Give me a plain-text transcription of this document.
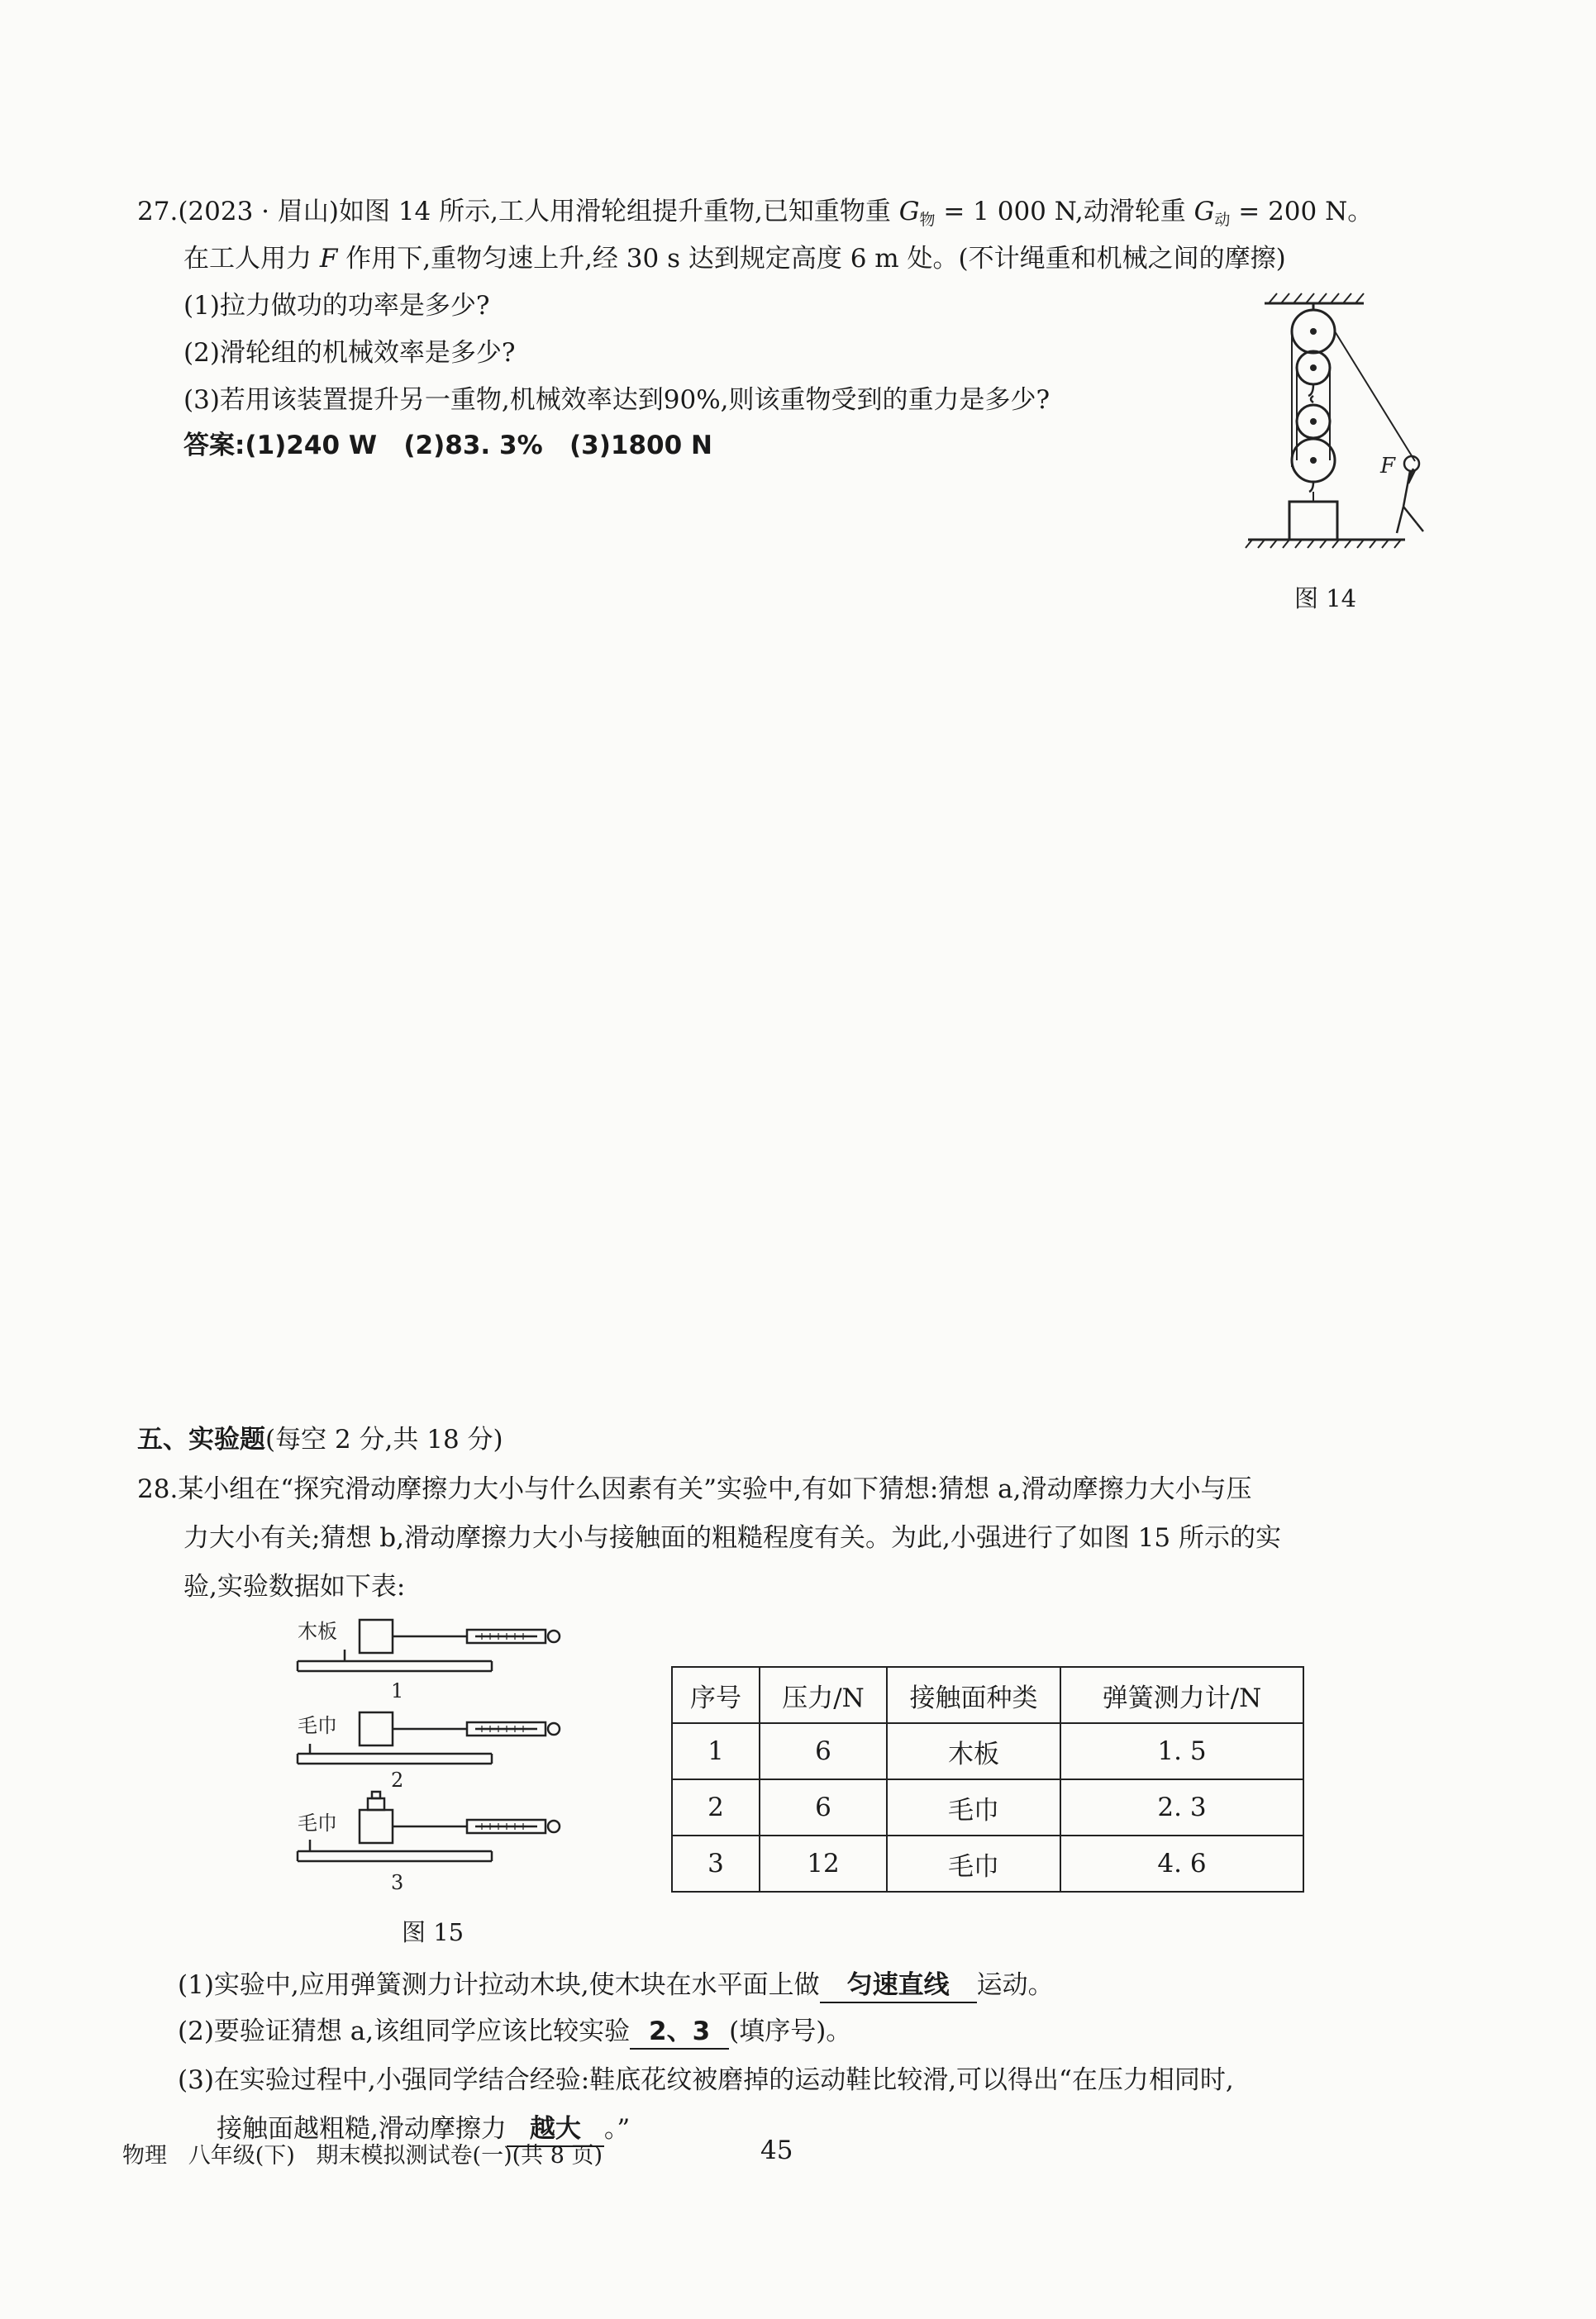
27.(2023 · 眉山)如图 14 所示,工人用滑轮组提升重物,已知重物重 $G_物 = 1$ 000 N,动滑轮重 $G_动 = 200$ N。
在工人用力 F 作用下,重物匀速上升,经 30 s 达到规定高度 6 m 处。(不计绳重和机械之间的摩擦)
(1)拉力做功的功率是多少?
(2)滑轮组的机械效率是多少?
(3)若用该装置提升另一重物,机械效率达到90%,则该重物受到的重力是多少?
答案:(1)240 W   (2)83. 3%   (3)1800 N
F
图 14
五、实验题(每空 2 分,共 18 分)
28.某小组在“探究滑动摩擦力大小与什么因素有关”实验中,有如下猜想:猜想 a,滑动摩擦力大小与压
力大小有关;猜想 b,滑动摩擦力大小与接触面的粗糙程度有关。为此,小强进行了如图 15 所示的实
验,实验数据如下表:
木板
1
毛巾
2
毛巾
3
图 15
序号	压力/N	接触面种类	弹簧测力计/N
1	6	木板	1. 5
2	6	毛巾	2. 3
3	12	毛巾	4. 6
(1)实验中,应用弹簧测力计拉动木块,使木块在水平面上做 匀速直线 运动。
(2)要验证猜想 a,该组同学应该比较实验 2、3 (填序号)。
(3)在实验过程中,小强同学结合经验:鞋底花纹被磨掉的运动鞋比较滑,可以得出“在压力相同时,
接触面越粗糙,滑动摩擦力 越大 。”
物理   八年级(下)   期末模拟测试卷(一)(共 8 页)	45
